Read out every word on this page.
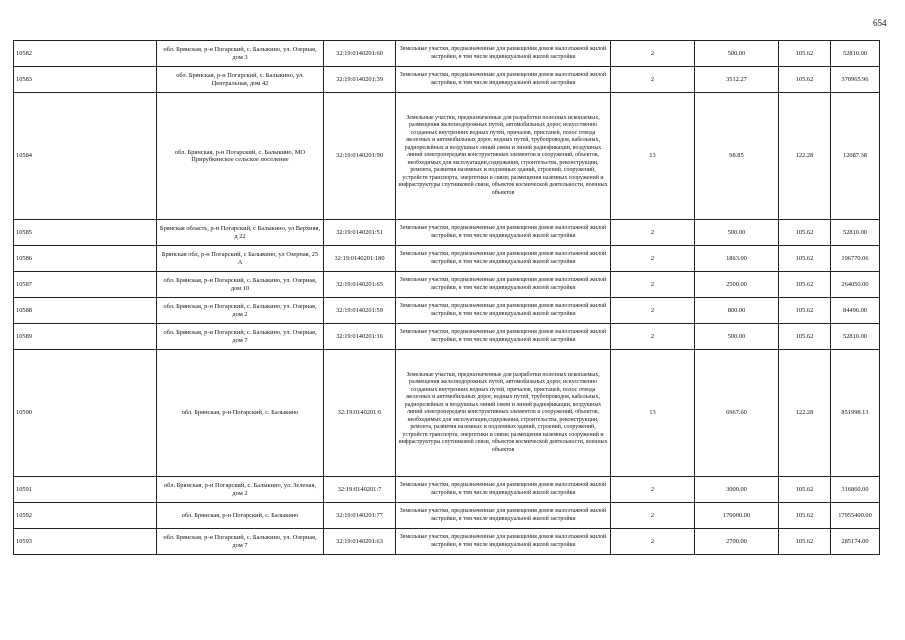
654
10582	обл. Брянская, р-н Погарский, с. Балыкино, ул. Озерная, дом 3	32:19:0140201:60	Земельные участки, предназначенные для размещения домов малоэтажной жилой застройки, в том числе индивидуальной жилой застройки	2	500.00	105.62	52810.00
10583	обл. Брянская, р-н Погарский, с. Балыкино, ул. Центральная, дом 42	32:19:0140201:39	Земельные участки, предназначенные для размещения домов малоэтажной жилой застройки, в том числе индивидуальной жилой застройки	2	3512.27	105.62	370965.96
10584	обл. Брянская, р-н Погарский, с. Балыкино, МО Прирубкинское сельское поселение	32:19:0140201:90	Земельные участки, предназначенные для разработки полезных ископаемых, размещения железнодорожных путей, автомобильных дорог, искусственно созданных внутренних водных путей, причалов, пристаней, полос отвода железных и автомобильных дорог, водных путей, трубопроводов, кабельных, радиорелейных и воздушных линий связи и линий радиофикации, воздушных линий электропередачи конструктивных элементов и сооружений, объектов, необходимых для эксплуатации,содержания, строительства, реконструкции, ремонта, развития наземных и подземных зданий, строений, сооружений, устройств транспорта, энергетики и связи; размещения наземных сооружений и инфраструктуры спутниковой связи, объектов космической деятельности, военных объектов	13	98.85	122.28	12087.38
10585	Брянская область, р-н Погарский, с Балыкино, ул Верхняя, д 22	32:19:0140201:51	Земельные участки, предназначенные для размещения домов малоэтажной жилой застройки, в том числе индивидуальной жилой застройки	2	500.00	105.62	52810.00
10586	Брянская обл, р-н Погарский, с Балыкино, ул Озерная, 25 А	32:19:0140201:180	Земельные участки, предназначенные для размещения домов малоэтажной жилой застройки, в том числе индивидуальной жилой застройки	2	1863.00	105.62	196770.06
10587	обл. Брянская, р-н Погарский, с. Балыкино, ул. Озерная, дом 10	32:19:0140201:65	Земельные участки, предназначенные для размещения домов малоэтажной жилой застройки, в том числе индивидуальной жилой застройки	2	2500.00	105.62	264050.00
10588	обл. Брянская, р-н Погарский, с. Балыкино, ул. Озерная, дом 2	32:19:0140201:59	Земельные участки, предназначенные для размещения домов малоэтажной жилой застройки, в том числе индивидуальной жилой застройки	2	800.00	105.62	84496.00
10589	обл. Брянская, р-н Погарский, с. Балыкино, ул. Озерная, дом 7	32:19:0140201:16	Земельные участки, предназначенные для размещения домов малоэтажной жилой застройки, в том числе индивидуальной жилой застройки	2	500.00	105.62	52810.00
10590	обл. Брянская, р-н Погарский, с. Балыкино	32:19:0140201:6	Земельные участки, предназначенные для разработки полезных ископаемых, размещения железнодорожных путей, автомобильных дорог, искусственно созданных внутренних водных путей, причалов, пристаней, полос отвода железных и автомобильных дорог, водных путей, трубопроводов, кабельных, радиорелейных и воздушных линий связи и линий радиофикации, воздушных линий электропередачи конструктивных элементов и сооружений, объектов, необходимых для эксплуатации,содержания, строительства, реконструкции, ремонта, развития наземных и подземных зданий, строений, сооружений, устройств транспорта, энергетики и связи; размещения наземных сооружений и инфраструктуры спутниковой связи, объектов космической деятельности, военных объектов	13	6967.60	122.28	851998.13
10591	обл. Брянская, р-н Погарский, с. Балыкино, ул. Зеленая, дом 2	32:19:0140201:7	Земельные участки, предназначенные для размещения домов малоэтажной жилой застройки, в том числе индивидуальной жилой застройки	2	3000.00	105.62	316860.00
10592	обл. Брянская, р-н Погарский, с. Балыкино	32:19:0140201:77	Земельные участки, предназначенные для размещения домов малоэтажной жилой застройки, в том числе индивидуальной жилой застройки	2	170000.00	105.62	17955400.00
10593	обл. Брянская, р-н Погарский, с. Балыкино, ул. Озерная, дом 7	32:19:0140201:63	Земельные участки, предназначенные для размещения домов малоэтажной жилой застройки, в том числе индивидуальной жилой застройки	2	2700.00	105.62	285174.00
